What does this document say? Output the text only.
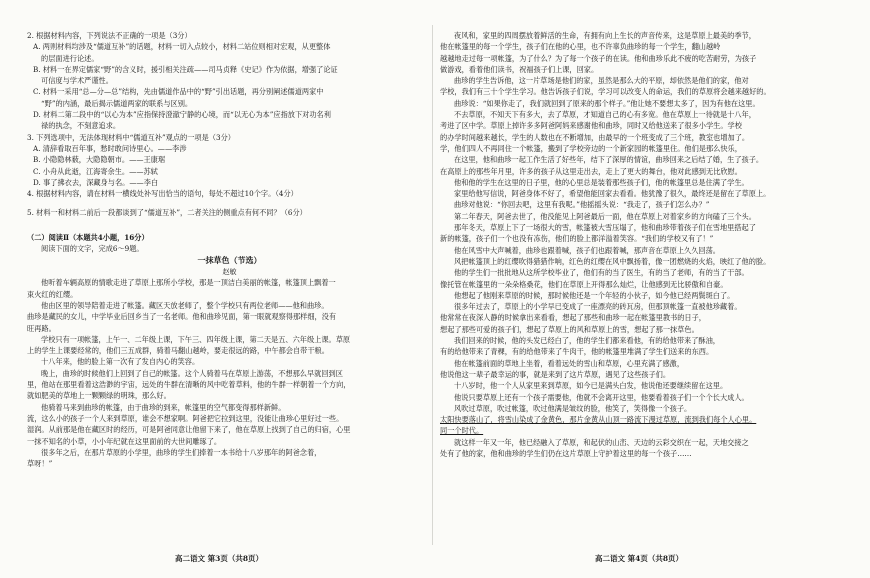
2. 根据材料内容，下列说法不正确的一项是（3分）
A. 两则材料均涉及“儒道互补”的话题，材料一切入点较小，材料二站位则相对宏观，从更整体
的层面进行论述。
B. 材料一在界定儒家“野”的含义时，援引相关注疏——司马贞释《史记》作为依据，增强了论证
可信度与学术严谨性。
C. 材料一采用“总—分—总”结构，先由儒道作品中的“野”引出话题，再分别阐述儒道两家中
“野”的内涵，最后揭示儒道两家的联系与区别。
D. 材料二第二段中的“以心为本”应指保持澄澈宁静的心境，而“以无心为本”应指放下对功名利
禄的执念，不刻意追求。
3. 下列选项中，无法体现材料中“儒道互补”观点的一项是（3分）
A. 清辞看取百年事，愁时敢问诗里心。——李涉
B. 小隐隐林薮，大隐隐朝市。——王康琚
C. 小舟从此逝，江海寄余生。——苏轼
D. 事了拂衣去，深藏身与名。——李白
4. 根据材料内容，请在材料一横线处补写出恰当的语句，每处不超过10个字。（4分）
5. 材料一和材料二前后一段都谈到了“儒道互补”，二者关注的侧重点有何不同？（6分）
（二）阅读Ⅱ（本题共4小题，16分）
阅读下面的文字，完成6～9题。
一抹草色（节选）
赵敏
他听着车辆高原的情歌走进了草原上那所小学校，那是一顶洁白美丽的帐篷，帐篷顶上飘着一
束火红的红缨。
他由区里的领导陪着走进了帐篷。藏区天放老师了，整个学校只有两位老师——他和曲珍。
曲珍是藏民的女儿，中学毕业后回乡当了一名老师。他和曲珍见面，第一眼就观察得那样细，没有
旺再路。
学校只有一项帐篷，上午一、二年级上课，下午三、四年级上课，第二天是五、六年级上课。草原
上的学生上课要经常的，他们三五成群，骑着马翻山越岭，要走很远的路，中午都会自带干粮。
十八年来，他的脸上第一次有了发自内心的笑容。
晚上，曲珍的时候他们上回到了自己的帐篷。这个人骑着马在草原上游荡，不想那么早就回到区
里，他站在那里看着这浩渺的宇宙，远处的牛群在清晰的风中吃着草料，他的牛群一样朝着一个方向，
就如肥美的草地上一颗颗绿的明珠，那么好。
他骑着马来到曲珍的帐篷，由于曲珍的到来，帐篷里的空气都变得那样新鲜。
流，这么小的孩子一个人来到草原，谁会不想家啊。阿爸把它拉到这里，没能让曲珍心里好过一些。
湿润。从前那是他在藏区时的经历，可是阿爸同意让他留下来了，他在草原上找到了自己的归宿，心里
一抹不知名的小草，小小年纪就在这里面前的大世间雕琢了。
很多年之后，在那片草原的小学里，曲珍的学生们捧着一本书给十八岁那年的阿爸念着，
草呀！”
夜风和，家里的四周摆放着鲜活的生命，有拥有向上生长的声音传来，这是草原上最美的季节，
他在帐篷里的每一个学生，孩子们在他的心里，也不许辜负曲珍的每一个学生，翻山越岭
越越地走过每一项帐篷，为了什么？为了每一个孩子的在读。他和曲珍乐此不疲的吃苦耐劳，为孩子
做游戏，看着他们读书，祝福孩子们上课，回家。
曲珍的学生告诉他，这一片草场是他们的家，虽然是那么大的平原，却依然是他们的家，他对
学校，我们有三十个学生学习。他告诉孩子们说，学习可以改变人的命运，我们的草原将会越来越好的。
曲珍说：“如果你走了，我们就回到了原来的那个样子。”他让她不要想太多了，因为有他在这里。
不去草原，不知天下有多大，去了草原，才知道自己的心有多宽。他在草原上一待就是十八年，
考进了区中学。草原上掉许多多阿爸阿妈来感谢他和曲珍，同时又给他送来了很多小学生。学校
的办学时间越来越长，学生的人数也在不断增加，由最早的一个班变成了三个班，教室也增加了。
学，他们四人不再同住一个帐篷，搬到了学校旁边的一个新家园的帐篷里住。他们是那么快乐，
在这里，他和曲珍一起工作生活了好些年，结下了深厚的情谊，曲珍回来之后结了婚，生了孩子。
在高原上的那些年月里，许多的孩子从这里走出去，走上了更大的舞台，他对此感到无比欣慰。
他和他的学生在这里的日子里，他的心里总是装着那些孩子们，他的帐篷里总是住满了学生。
家里给他写信说，阿爸身体不好了，希望他能回家去看看。他犹豫了很久，最终还是留在了草原上。
曲珍对他说：“你回去吧，这里有我呢。”他摇摇头说：“我走了，孩子们怎么办？”
第二年春天，阿爸去世了，他没能见上阿爸最后一面，他在草原上对着家乡的方向磕了三个头。
那年冬天，草原上下了一场很大的雪，帐篷被大雪压塌了，他和曲珍带着孩子们在雪地里搭起了
新的帐篷，孩子们一个也没有冻伤，他们的脸上都洋溢着笑容。“我们的学校又有了！”
他在风雪中大声喊着，曲珍也跟着喊，孩子们也跟着喊，那声音在草原上久久回荡。
风把帐篷顶上的红缨吹得猎猎作响，红色的红缨在风中飘扬着，像一团燃烧的火焰，映红了他的脸。
他的学生们一批批地从这所学校毕业了，他们有的当了医生，有的当了老师，有的当了干部。
像托管在帐篷里的一朵朵格桑花，他们在草原上开得那么灿烂，让他感到无比骄傲和自豪。
他想起了他刚来草原的时候，那时候他还是一个年轻的小伙子，如今他已经两鬓斑白了。
很多年过去了，草原上的小学早已变成了一座漂亮的砖瓦房，但那顶帐篷一直被他珍藏着。
他常常在夜深人静的时候拿出来看看，想起了那些和曲珍一起在帐篷里教书的日子，
想起了那些可爱的孩子们，想起了草原上的风和草原上的雪，想起了那一抹草色。
我们回来的时候，他的头发已经白了，他的学生们都来看他，有的给他带来了酥油，
有的给他带来了青稞，有的给他带来了牛肉干，他的帐篷里堆满了学生们送来的东西。
他在帐篷前面的草地上坐着，看着远处的雪山和草原，心里充满了感激，
他说他这一辈子最幸运的事，就是来到了这片草原，遇见了这些孩子们。
十八岁时，他一个人从家里来到草原，如今已是满头白发，他说他还要继续留在这里。
他说只要草原上还有一个孩子需要他，他就不会离开这里，他要看着孩子们一个个长大成人。
风吹过草原，吹过帐篷，吹过他满是皱纹的脸，他笑了，笑得像一个孩子。
太阳快要落山了，将雪山染成了金黄色，那片金黄从山顶一路流下漫过草原，流到我们每个人心里。
同一个时代。
就这样一年又一年，他已经融入了草原，和起伏的山峦、天边的云彩交织在一起，天地交接之
处有了他的家，他和曲珍的学生们仍在这片草原上守护着这里的每一个孩子……
高二语文 第3页（共8页）	高二语文 第4页（共8页）
